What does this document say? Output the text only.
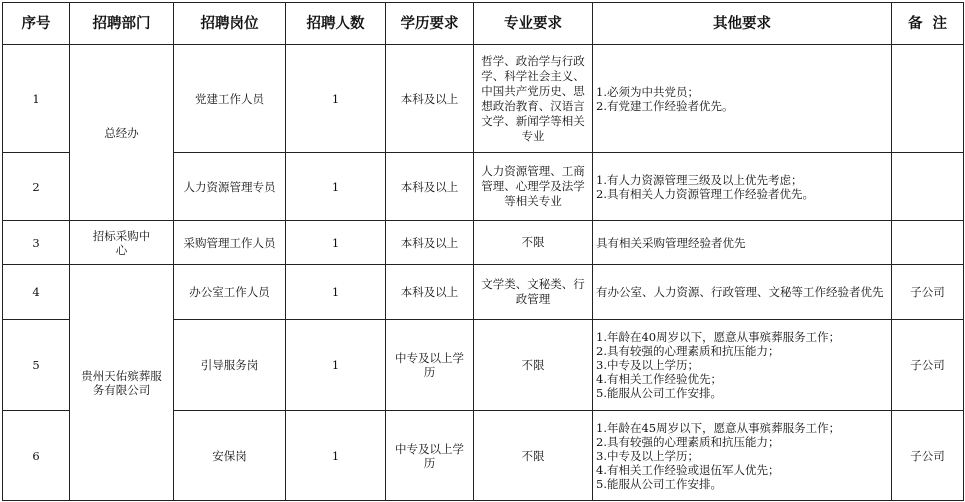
序号	招聘部门	招聘岗位	招聘人数	学历要求	专业要求	其他要求	备  注
1	总经办	党建工作人员	1	本科及以上	哲学、政治学与行政学、科学社会主义、中国共产党历史、思想政治教育、汉语言文学、新闻学等相关专业	1.必须为中共党员；
2.有党建工作经验者优先。	

2		人力资源管理专员	1	本科及以上	人力资源管理、工商管理、心理学及法学等相关专业	1.有人力资源管理三级及以上优先考虑；
2.具有相关人力资源管理工作经验者优先。	

3	招标采购中心	采购管理工作人员	1	本科及以上	不限	具有相关采购管理经验者优先	

4	贵州天佑殡葬服务有限公司	办公室工作人员	1	本科及以上	文学类、文秘类、行政管理	有办公室、人力资源、行政管理、文秘等工作经验者优先	子公司
5		引导服务岗	1	中专及以上学历	不限	1.年龄在40周岁以下，愿意从事殡葬服务工作；
2.具有较强的心理素质和抗压能力；
3.中专及以上学历；
4.有相关工作经验优先；
5.能服从公司工作安排。	子公司
6		安保岗	1	中专及以上学历	不限	1.年龄在45周岁以下，愿意从事殡葬服务工作；
2.具有较强的心理素质和抗压能力；
3.中专及以上学历；
4.有相关工作经验或退伍军人优先；
5.能服从公司工作安排。	子公司
